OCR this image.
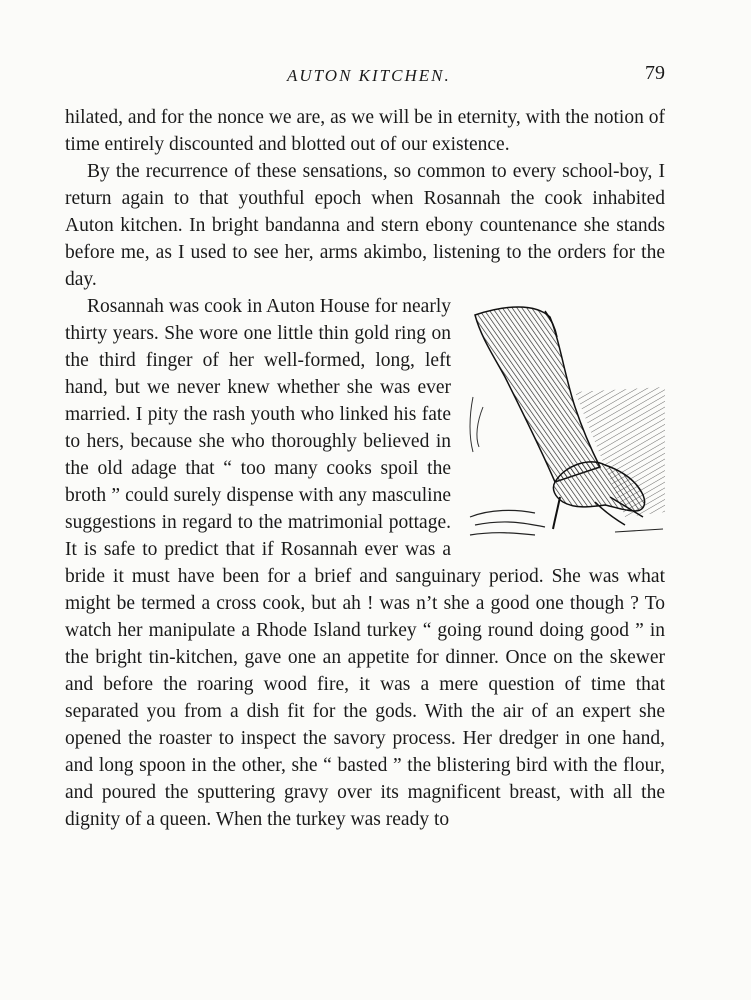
AUTON KITCHEN.	79

hilated, and for the nonce we are, as we will be in eternity, with the notion of time entirely discounted and blotted out of our existence.

By the recurrence of these sensations, so common to every school-boy, I return again to that youthful epoch when Rosannah the cook inhabited Auton kitchen. In bright bandanna and stern ebony countenance she stands before me, as I used to see her, arms akimbo, listening to the orders for the day.

Rosannah was cook in Auton House for nearly thirty years. She wore one little thin gold ring on the third finger of her well-formed, long, left hand, but we never knew whether she was ever married. I pity the rash youth who linked his fate to hers, because she who thoroughly believed in the old adage that “ too many cooks spoil the broth ” could surely dispense with any masculine suggestions in regard to the matrimonial pottage. It is safe to predict that if Rosannah ever was a bride it must have been for a brief and sanguinary period. She was what might be termed a cross cook, but ah ! was n’t she a good one though ? To watch her manipulate a Rhode Island turkey “ going round doing good ” in the bright tin-kitchen, gave one an appetite for dinner. Once on the skewer and before the roaring wood fire, it was a mere question of time that separated you from a dish fit for the gods. With the air of an expert she opened the roaster to inspect the savory process. Her dredger in one hand, and long spoon in the other, she “ basted ” the blistering bird with the flour, and poured the sputtering gravy over its magnificent breast, with all the dignity of a queen. When the turkey was ready to
